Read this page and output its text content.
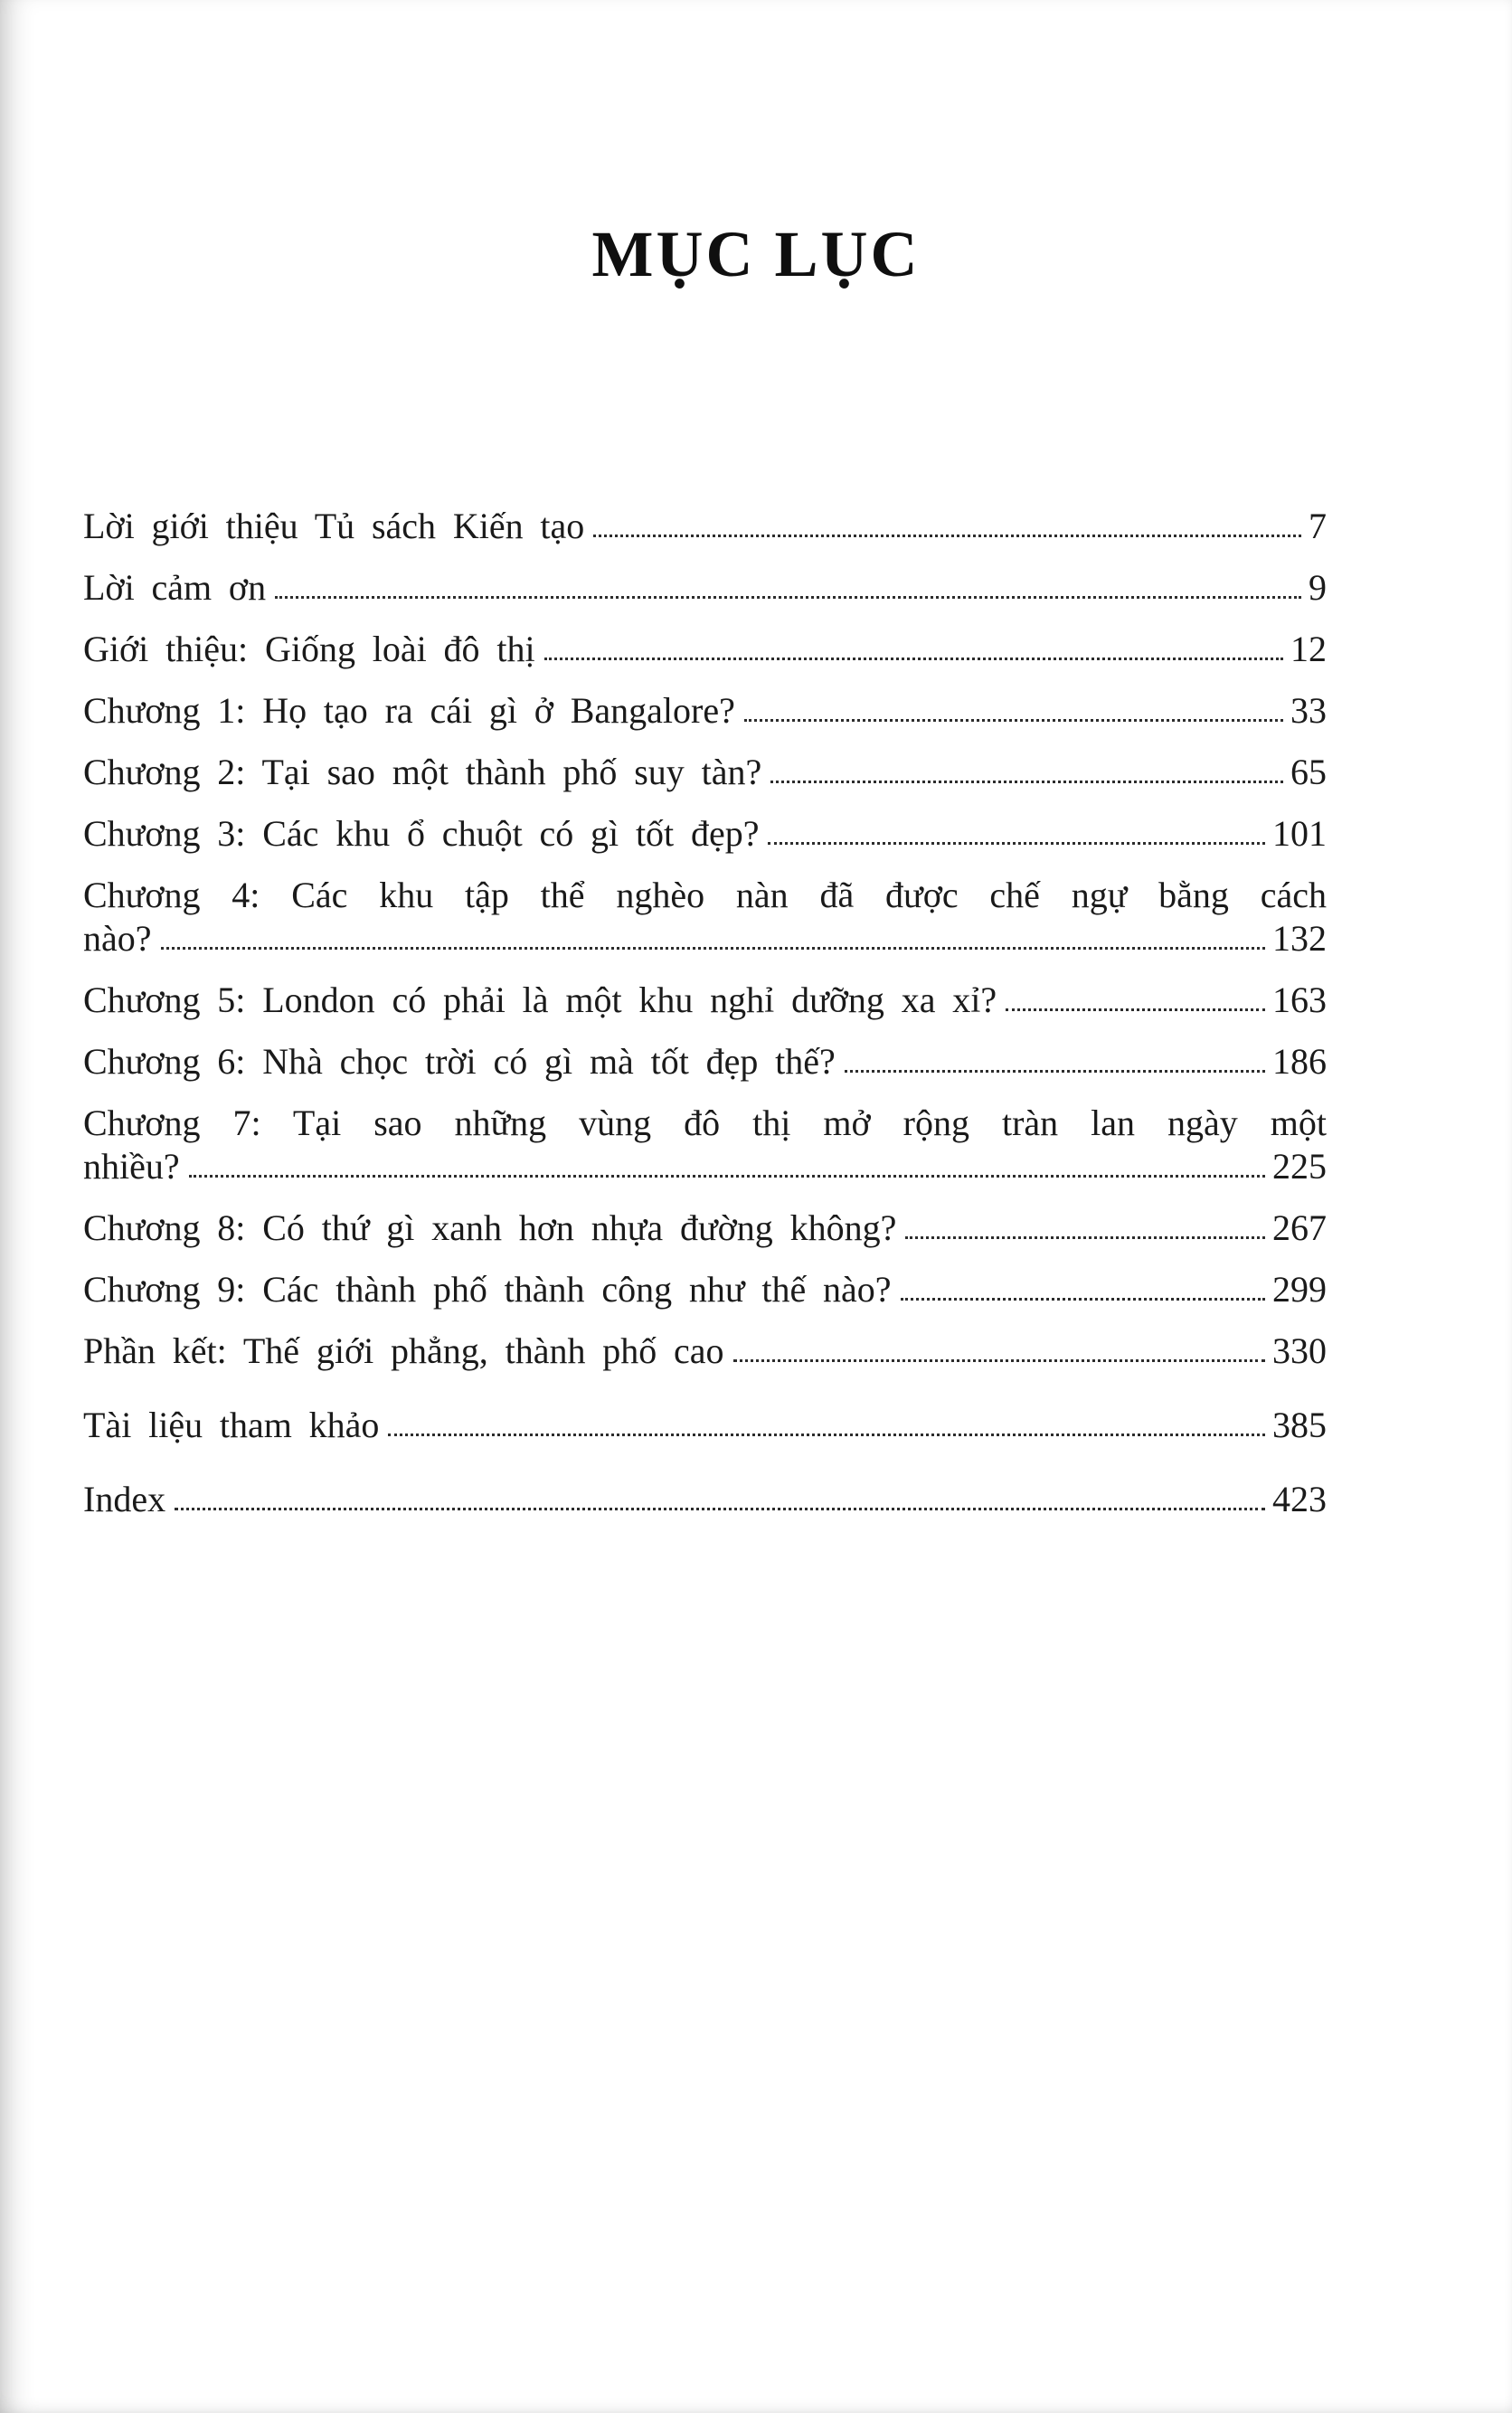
MỤC LỤC
Lời giới thiệu Tủ sách Kiến tạo	7
Lời cảm ơn	9
Giới thiệu: Giống loài đô thị	12
Chương 1: Họ tạo ra cái gì ở Bangalore?	33
Chương 2: Tại sao một thành phố suy tàn?	65
Chương 3: Các khu ổ chuột có gì tốt đẹp?	101
Chương 4: Các khu tập thể nghèo nàn đã được chế ngự bằng cách
nào?	132
Chương 5: London có phải là một khu nghỉ dưỡng xa xỉ?	163
Chương 6: Nhà chọc trời có gì mà tốt đẹp thế?	186
Chương 7: Tại sao những vùng đô thị mở rộng tràn lan ngày một
nhiều?	225
Chương 8: Có thứ gì xanh hơn nhựa đường không?	267
Chương 9: Các thành phố thành công như thế nào?	299
Phần kết: Thế giới phẳng, thành phố cao	330
Tài liệu tham khảo	385
Index	423
